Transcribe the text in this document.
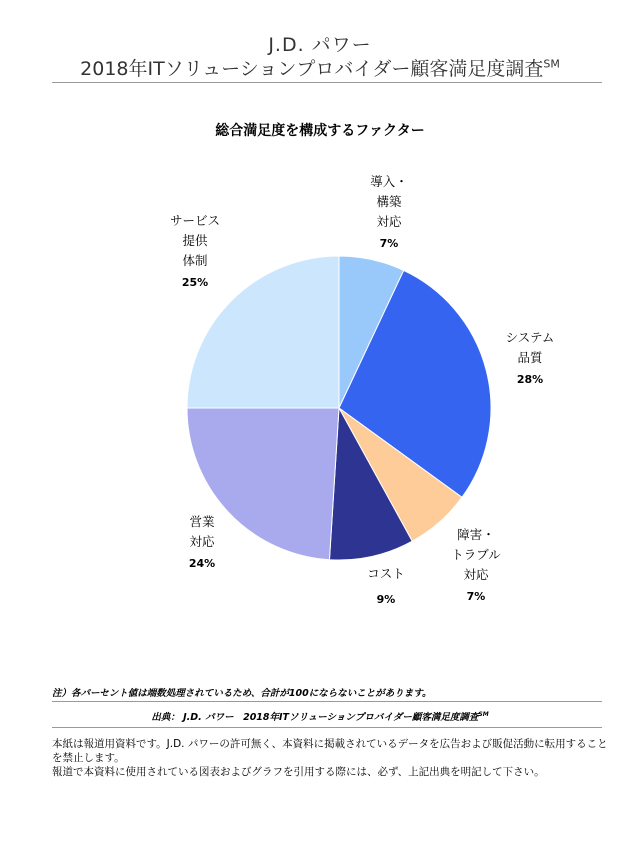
J.D. パワー
2018年ITソリューションプロバイダー顧客満足度調査℠
総合満足度を構成するファクター
導入・
構築
対応
7%
システム
品質
28%
障害・
トラブル
対応
7%
コスト
9%
営業
対応
24%
サービス
提供
体制
25%
注）各パーセント値は端数処理されているため、合計が100にならないことがあります。
出典： J.D. パワー　2018年ITソリューションプロバイダー顧客満足度調査℠
本紙は報道用資料です。J.D. パワーの許可無く、本資料に掲載されているデータを広告および販促活動に転用すること
を禁止します。
報道で本資料に使用されている図表およびグラフを引用する際には、必ず、上記出典を明記して下さい。
